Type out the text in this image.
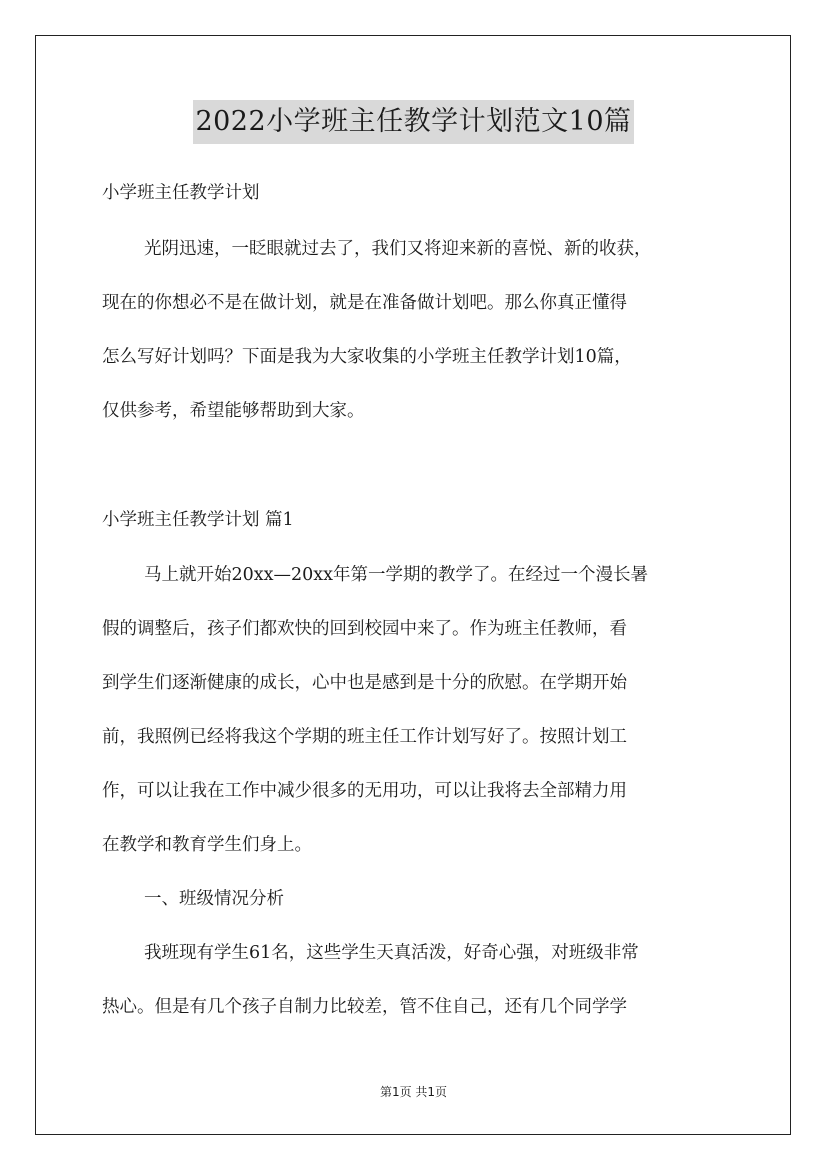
2022小学班主任教学计划范文10篇
小学班主任教学计划
光阴迅速，一眨眼就过去了，我们又将迎来新的喜悦、新的收获，
现在的你想必不是在做计划，就是在准备做计划吧。那么你真正懂得
怎么写好计划吗？下面是我为大家收集的小学班主任教学计划10篇，
仅供参考，希望能够帮助到大家。
小学班主任教学计划 篇1
马上就开始20xx—20xx年第一学期的教学了。在经过一个漫长暑
假的调整后，孩子们都欢快的回到校园中来了。作为班主任教师，看
到学生们逐渐健康的成长，心中也是感到是十分的欣慰。在学期开始
前，我照例已经将我这个学期的班主任工作计划写好了。按照计划工
作，可以让我在工作中减少很多的无用功，可以让我将去全部精力用
在教学和教育学生们身上。
一、班级情况分析
我班现有学生61名，这些学生天真活泼，好奇心强，对班级非常
热心。但是有几个孩子自制力比较差，管不住自己，还有几个同学学
第1页 共1页
